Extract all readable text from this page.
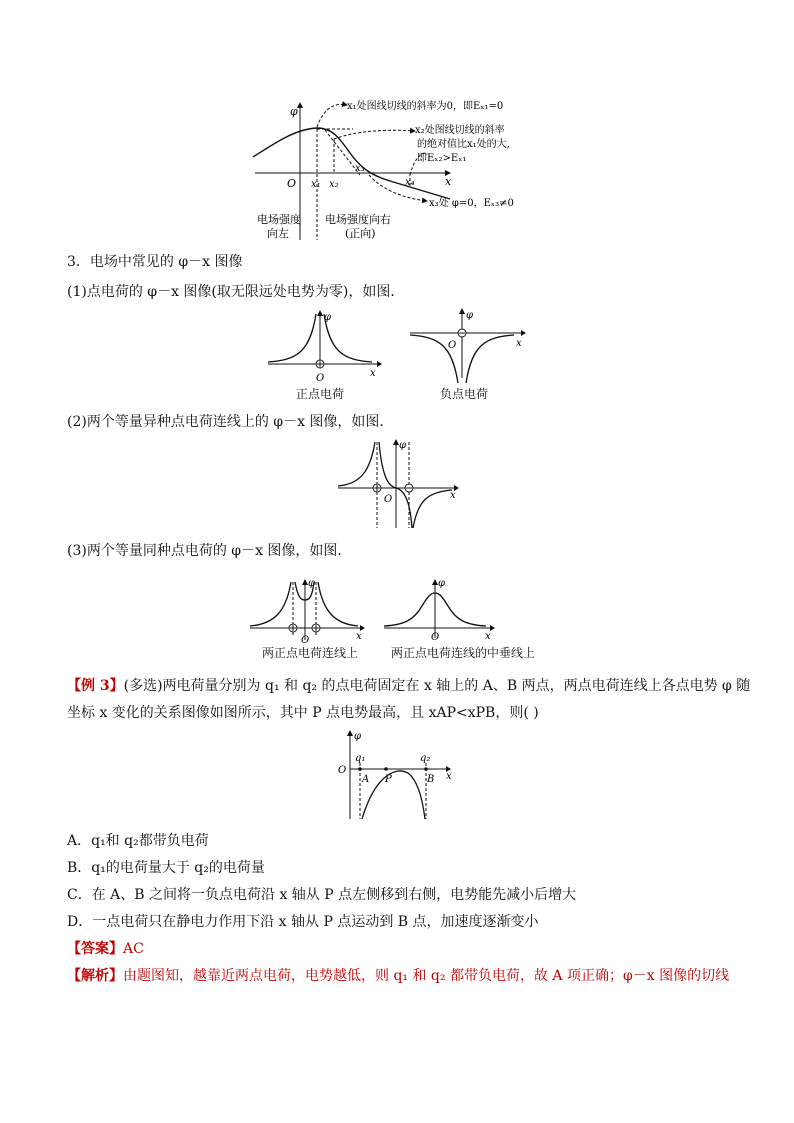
φ
x
O x₁ x₂
x₃
x₄
x₁处图线切线的斜率为0，即Eₓ₁=0
x₂处图线切线的斜率
的绝对值比x₁处的大,
即Eₓ₂>Eₓ₁
x₃处 φ=0，Eₓ₃≠0
电场强度
向左
电场强度向右
(正向)
3．电场中常见的 φ－x 图像
(1)点电荷的 φ－x 图像(取无限远处电势为零)，如图．
φ
x
O
正点电荷
φ
x
O
负点电荷
(2)两个等量异种点电荷连线上的 φ－x 图像，如图．
φ
x
O
(3)两个等量同种点电荷的 φ－x 图像，如图．
φ
x
O
两正点电荷连线上
φ
x
O
两正点电荷连线的中垂线上
【例 3】(多选)两电荷量分别为 q₁ 和 q₂ 的点电荷固定在 x 轴上的 A、B 两点，两点电荷连线上各点电势 φ 随
坐标 x 变化的关系图像如图所示，其中 P 点电势最高，且 xAP<xPB，则( )
φ
x
O
q₁	q₂
A P	B
A．q₁和 q₂都带负电荷
B．q₁的电荷量大于 q₂的电荷量
C．在 A、B 之间将一负点电荷沿 x 轴从 P 点左侧移到右侧，电势能先减小后增大
D．一点电荷只在静电力作用下沿 x 轴从 P 点运动到 B 点，加速度逐渐变小
【答案】AC
【解析】由题图知，越靠近两点电荷，电势越低，则 q₁ 和 q₂ 都带负电荷，故 A 项正确；φ－x 图像的切线
